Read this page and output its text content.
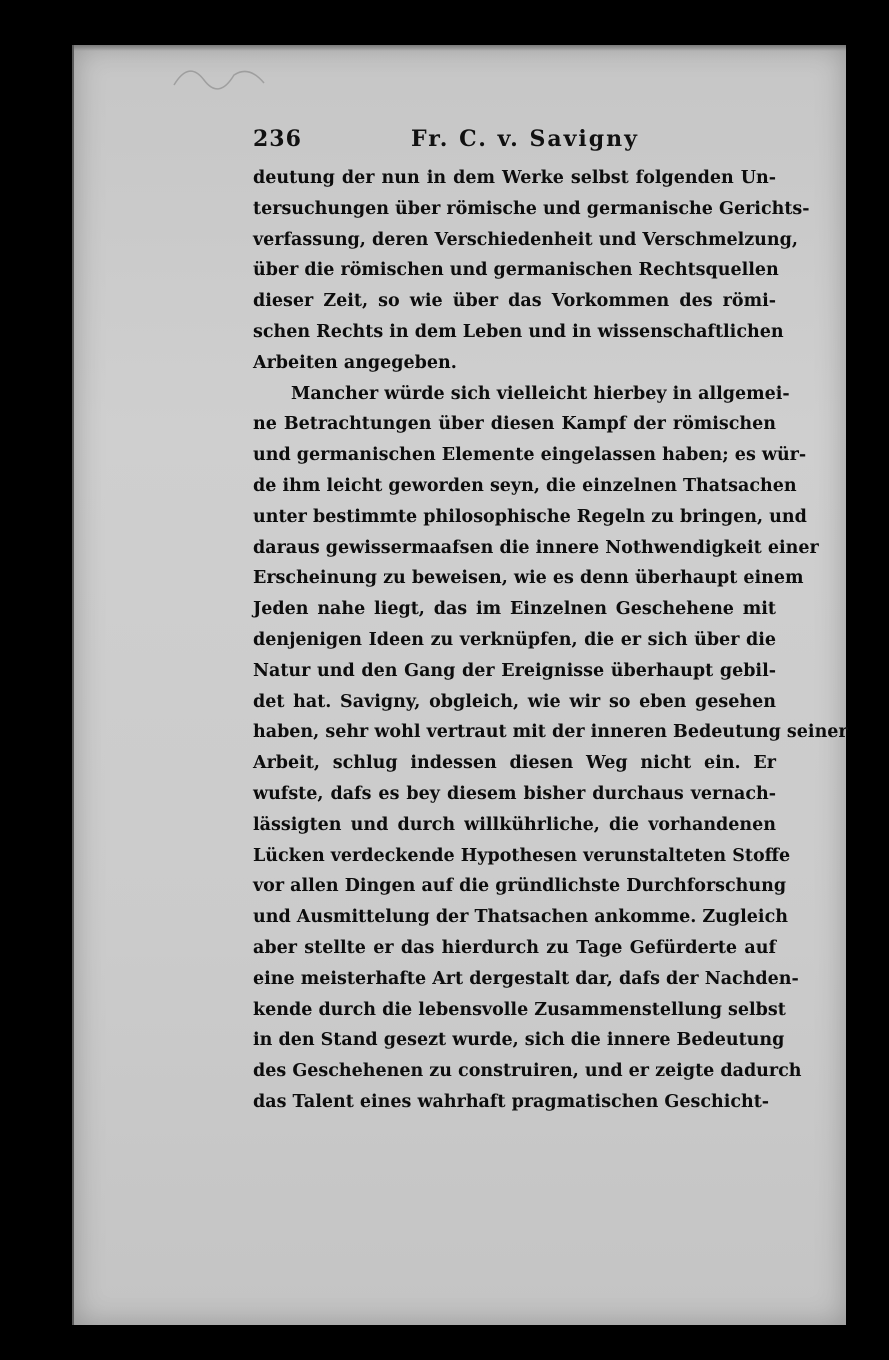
236	Fr. C. v. Savigny
deutung der nun in dem Werke selbst folgenden Un-
tersuchungen über römische und germanische Gerichts-
verfassung, deren Verschiedenheit und Verschmelzung,
über die römischen und germanischen Rechtsquellen
dieser Zeit, so wie über das Vorkommen des römi-
schen Rechts in dem Leben und in wissenschaftlichen
Arbeiten angegeben.
Mancher würde sich vielleicht hierbey in allgemei-
ne Betrachtungen über diesen Kampf der römischen
und germanischen Elemente eingelassen haben; es wür-
de ihm leicht geworden seyn, die einzelnen Thatsachen
unter bestimmte philosophische Regeln zu bringen, und
daraus gewissermaafsen die innere Nothwendigkeit einer
Erscheinung zu beweisen, wie es denn überhaupt einem
Jeden nahe liegt, das im Einzelnen Geschehene mit
denjenigen Ideen zu verknüpfen, die er sich über die
Natur und den Gang der Ereignisse überhaupt gebil-
det hat. Savigny, obgleich, wie wir so eben gesehen
haben, sehr wohl vertraut mit der inneren Bedeutung seiner
Arbeit, schlug indessen diesen Weg nicht ein. Er
wufste, dafs es bey diesem bisher durchaus vernach-
lässigten und durch willkührliche, die vorhandenen
Lücken verdeckende Hypothesen verunstalteten Stoffe
vor allen Dingen auf die gründlichste Durchforschung
und Ausmittelung der Thatsachen ankomme. Zugleich
aber stellte er das hierdurch zu Tage Gefürderte auf
eine meisterhafte Art dergestalt dar, dafs der Nachden-
kende durch die lebensvolle Zusammenstellung selbst
in den Stand gesezt wurde, sich die innere Bedeutung
des Geschehenen zu construiren, und er zeigte dadurch
das Talent eines wahrhaft pragmatischen Geschicht-
